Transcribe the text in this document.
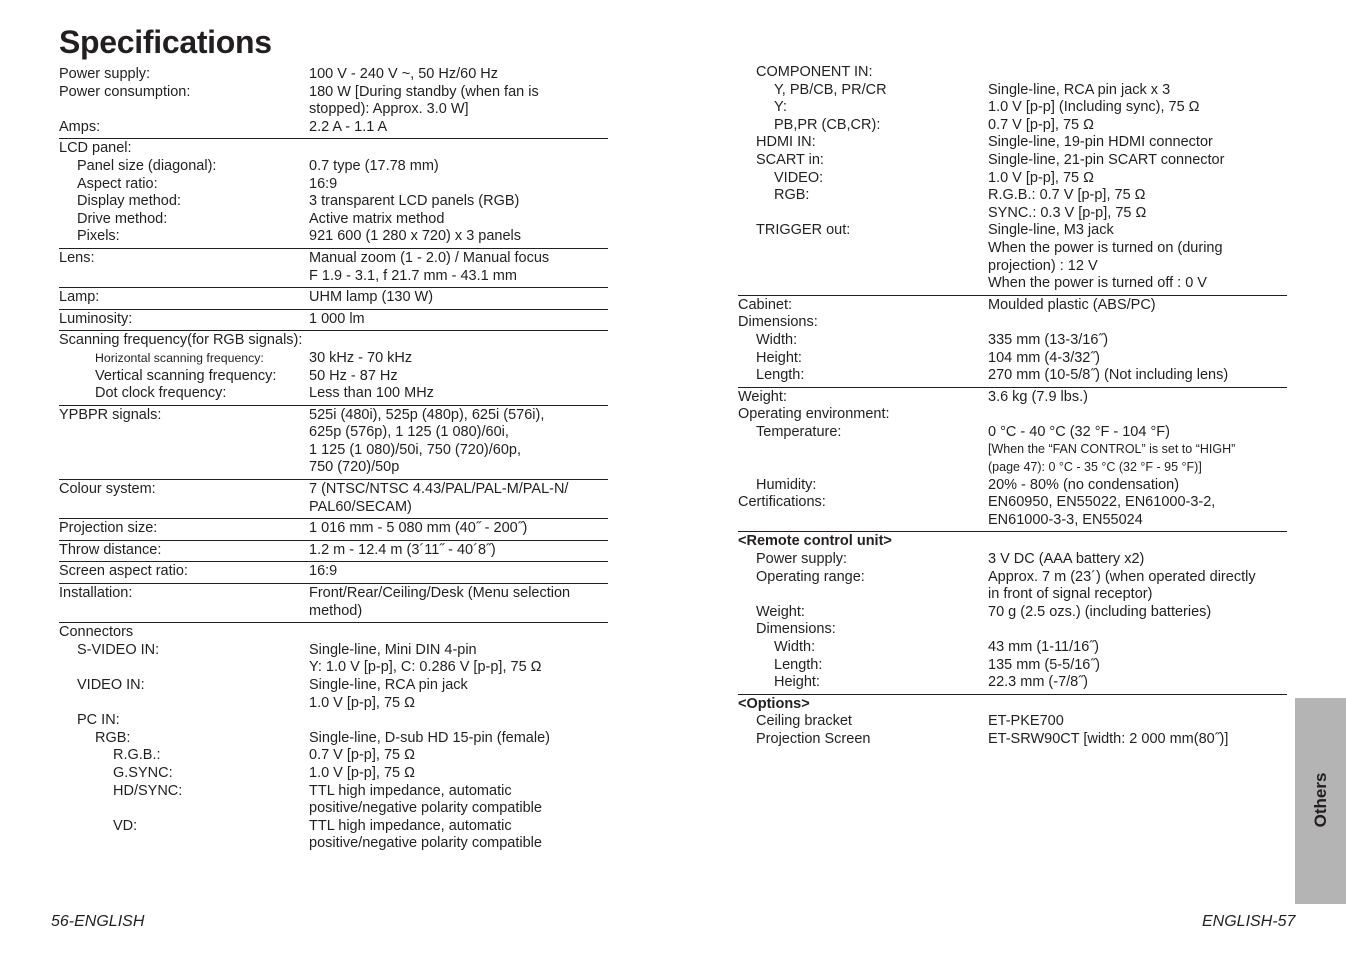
Specifications
Power supply:	100 V - 240 V ~, 50 Hz/60 Hz
Power consumption:	180 W [During standby (when fan is
stopped): Approx. 3.0 W]
Amps:	2.2 A - 1.1 A
LCD panel:
Panel size (diagonal):	0.7 type (17.78 mm)
Aspect ratio:	16:9
Display method:	3 transparent LCD panels (RGB)
Drive method:	Active matrix method
Pixels:	921 600 (1 280 x 720) x 3 panels
Lens:	Manual zoom (1 - 2.0) / Manual focus
F 1.9 - 3.1, f 21.7 mm - 43.1 mm
Lamp:	UHM lamp (130 W)
Luminosity:	1 000 lm
Scanning frequency(for RGB signals):
Horizontal scanning frequency:	30 kHz - 70 kHz
Vertical scanning frequency:	50 Hz - 87 Hz
Dot clock frequency:	Less than 100 MHz
YPBPR signals:	525i (480i), 525p (480p), 625i (576i),
625p (576p), 1 125 (1 080)/60i,
1 125 (1 080)/50i, 750 (720)/60p,
750 (720)/50p
Colour system:	7 (NTSC/NTSC 4.43/PAL/PAL-M/PAL-N/
PAL60/SECAM)
Projection size:	1 016 mm - 5 080 mm (40˝ - 200˝)
Throw distance:	1.2 m - 12.4 m (3´11˝ - 40´8˝)
Screen aspect ratio:	16:9
Installation:	Front/Rear/Ceiling/Desk (Menu selection
method)
Connectors
S-VIDEO IN:	Single-line, Mini DIN 4-pin
Y: 1.0 V [p-p], C: 0.286 V [p-p], 75 Ω
VIDEO IN:	Single-line, RCA pin jack
1.0 V [p-p], 75 Ω
PC IN:
RGB:	Single-line, D-sub HD 15-pin (female)
R.G.B.:	0.7 V [p-p], 75 Ω
G.SYNC:	1.0 V [p-p], 75 Ω
HD/SYNC:	TTL high impedance, automatic
positive/negative polarity compatible
VD:	TTL high impedance, automatic
positive/negative polarity compatible
COMPONENT IN:
Y, PB/CB, PR/CR	Single-line, RCA pin jack x 3
Y:	1.0 V [p-p] (Including sync), 75 Ω
PB,PR (CB,CR):	0.7 V [p-p], 75 Ω
HDMI IN:	Single-line, 19-pin HDMI connector
SCART in:	Single-line, 21-pin SCART connector
VIDEO:	1.0 V [p-p], 75 Ω
RGB:	R.G.B.: 0.7 V [p-p], 75 Ω
SYNC.: 0.3 V [p-p], 75 Ω
TRIGGER out:	Single-line, M3 jack
When the power is turned on (during
projection) : 12 V
When the power is turned off : 0 V
Cabinet:	Moulded plastic (ABS/PC)
Dimensions:
Width:	335 mm (13-3/16˝)
Height:	104 mm (4-3/32˝)
Length:	270 mm (10-5/8˝) (Not including lens)
Weight:	3.6 kg (7.9 lbs.)
Operating environment:
Temperature:	0 °C - 40 °C (32 °F - 104 °F)
[When the “FAN CONTROL” is set to “HIGH”
(page 47): 0 °C - 35 °C (32 °F - 95 °F)]
Humidity:	20% - 80% (no condensation)
Certifications:	EN60950, EN55022, EN61000-3-2,
EN61000-3-3, EN55024
<Remote control unit>
Power supply:	3 V DC (AAA battery x2)
Operating range:	Approx. 7 m (23´) (when operated directly
in front of signal receptor)
Weight:	70 g (2.5 ozs.) (including batteries)
Dimensions:
Width:	43 mm (1-11/16˝)
Length:	135 mm (5-5/16˝)
Height:	22.3 mm (-7/8˝)
<Options>
Ceiling bracket	ET-PKE700
Projection Screen	ET-SRW90CT [width: 2 000 mm(80˝)]
Others
56-ENGLISH	ENGLISH-57
